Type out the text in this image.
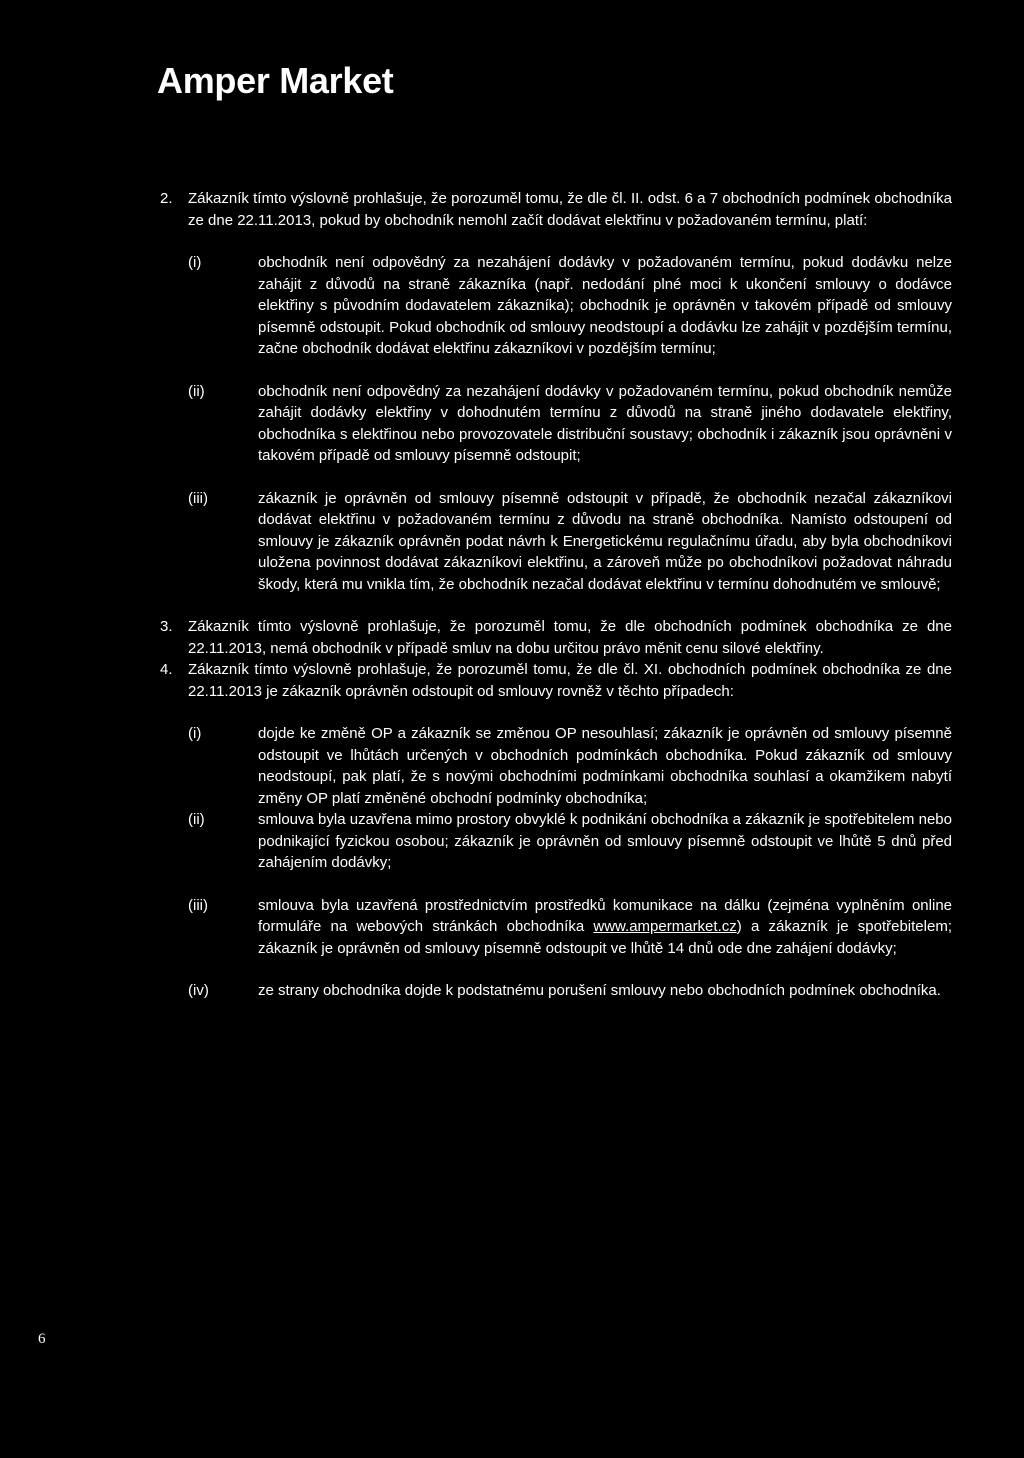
Amper Market
2. Zákazník tímto výslovně prohlašuje, že porozuměl tomu, že dle čl. II. odst. 6 a 7 obchodních podmínek obchodníka ze dne 22.11.2013, pokud by obchodník nemohl začít dodávat elektřinu v požadovaném termínu, platí:

(i)	obchodník není odpovědný za nezahájení dodávky v požadovaném termínu, pokud dodávku nelze zahájit z důvodů na straně zákazníka (např. nedodání plné moci k ukončení smlouvy o dodávce elektřiny s původním dodavatelem zákazníka); obchodník je oprávněn v takovém případě od smlouvy písemně odstoupit. Pokud obchodník od smlouvy neodstoupí a dodávku lze zahájit v pozdějším termínu, začne obchodník dodávat elektřinu zákazníkovi v pozdějším termínu;

(ii)	obchodník není odpovědný za nezahájení dodávky v požadovaném termínu, pokud obchodník nemůže zahájit dodávky elektřiny v dohodnutém termínu z důvodů na straně jiného dodavatele elektřiny, obchodníka s elektřinou nebo provozovatele distribuční soustavy; obchodník i zákazník jsou oprávněni v takovém případě od smlouvy písemně odstoupit;

(iii)	zákazník je oprávněn od smlouvy písemně odstoupit v případě, že obchodník nezačal zákazníkovi dodávat elektřinu v požadovaném termínu z důvodu na straně obchodníka. Namísto odstoupení od smlouvy je zákazník oprávněn podat návrh k Energetickému regulačnímu úřadu, aby byla obchodníkovi uložena povinnost dodávat zákazníkovi elektřinu, a zároveň může po obchodníkovi požadovat náhradu škody, která mu vnikla tím, že obchodník nezačal dodávat elektřinu v termínu dohodnutém ve smlouvě;

3. Zákazník tímto výslovně prohlašuje, že porozuměl tomu, že dle obchodních podmínek obchodníka ze dne 22.11.2013, nemá obchodník v případě smluv na dobu určitou právo měnit cenu silové elektřiny.

4. Zákazník tímto výslovně prohlašuje, že porozuměl tomu, že dle čl. XI. obchodních podmínek obchodníka ze dne 22.11.2013 je zákazník oprávněn odstoupit od smlouvy rovněž v těchto případech:

(i)	dojde ke změně OP a zákazník se změnou OP nesouhlasí; zákazník je oprávněn od smlouvy písemně odstoupit ve lhůtách určených v obchodních podmínkách obchodníka. Pokud zákazník od smlouvy neodstoupí, pak platí, že s novými obchodními podmínkami obchodníka souhlasí a okamžikem nabytí změny OP platí změněné obchodní podmínky obchodníka;

(ii)	smlouva byla uzavřena mimo prostory obvyklé k podnikání obchodníka a zákazník je spotřebitelem nebo podnikající fyzickou osobou; zákazník je oprávněn od smlouvy písemně odstoupit ve lhůtě 5 dnů před zahájením dodávky;

(iii)	smlouva byla uzavřená prostřednictvím prostředků komunikace na dálku (zejména vyplněním online formuláře na webových stránkách obchodníka www.ampermarket.cz) a zákazník je spotřebitelem; zákazník je oprávněn od smlouvy písemně odstoupit ve lhůtě 14 dnů ode dne zahájení dodávky;

(iv)	ze strany obchodníka dojde k podstatnému porušení smlouvy nebo obchodních podmínek obchodníka.

6
